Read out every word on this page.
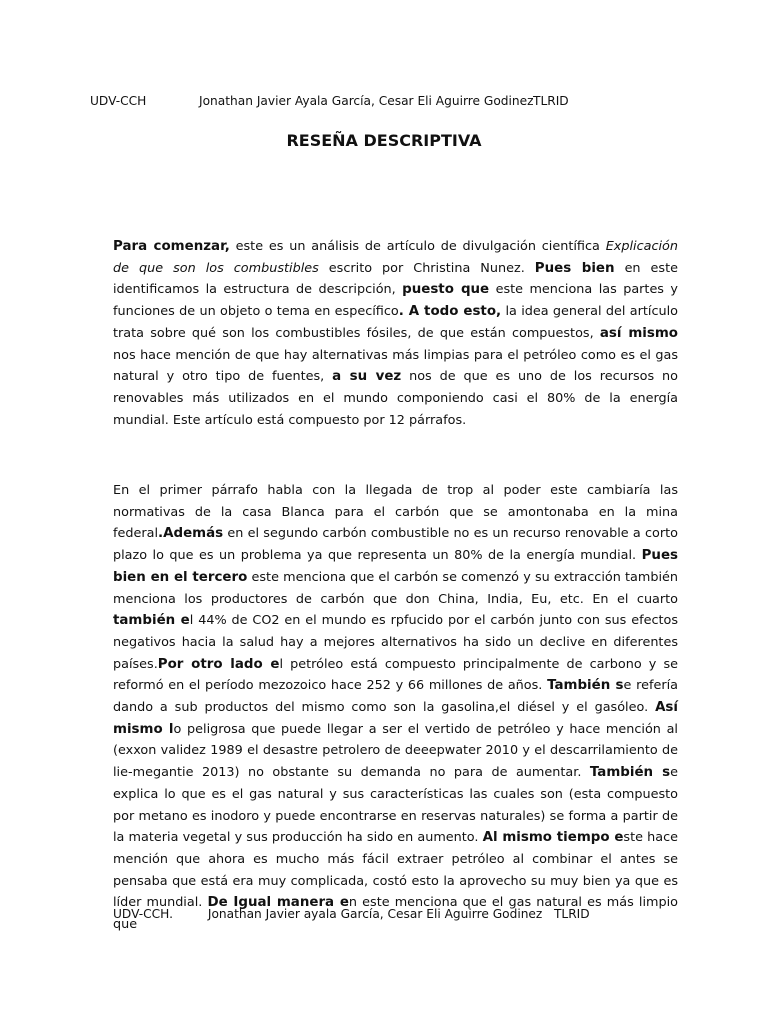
UDV-CCH	Jonathan Javier Ayala García, Cesar Eli Aguirre Godinez TLRID
RESEÑA DESCRIPTIVA

Para comenzar, este es un análisis de artículo de divulgación científica Explicación de que son los combustibles escrito por Christina Nunez. Pues bien en este identificamos la estructura de descripción, puesto que este menciona las partes y funciones de un objeto o tema en específico. A todo esto, la idea general del artículo trata sobre qué son los combustibles fósiles, de que están compuestos, así mismo nos hace mención de que hay alternativas más limpias para el petróleo como es el gas natural y otro tipo de fuentes, a su vez nos de que es uno de los recursos no renovables más utilizados en el mundo componiendo casi el 80% de la energía mundial. Este artículo está compuesto por 12 párrafos.

En el primer párrafo habla con la llegada de trop al poder este cambiaría las normativas de la casa Blanca para el carbón que se amontonaba en la mina federal.Además en el segundo carbón combustible no es un recurso renovable a corto plazo lo que es un problema ya que representa un 80% de la energía mundial. Pues bien en el tercero este menciona que el carbón se comenzó y su extracción también menciona los productores de carbón que don China, India, Eu, etc. En el cuarto también el 44% de CO2 en el mundo es rpfucido por el carbón junto con sus efectos negativos hacia la salud hay a mejores alternativos ha sido un declive en diferentes países.Por otro lado el petróleo está compuesto principalmente de carbono y se reformó en el período mezozoico hace 252 y 66 millones de años. También se refería dando a sub productos del mismo como son la gasolina,el diésel y el gasóleo. Así mismo lo peligrosa que puede llegar a ser el vertido de petróleo y hace mención al (exxon validez 1989 el desastre petrolero de deeepwater 2010 y el descarrilamiento de lie-megantie 2013) no obstante su demanda no para de aumentar. También se explica lo que es el gas natural y sus características las cuales son (esta compuesto por metano es inodoro y puede encontrarse en reservas naturales) se forma a partir de la materia vegetal y sus producción ha sido en aumento. Al mismo tiempo este hace mención que ahora es mucho más fácil extraer petróleo al combinar el antes se pensaba que está era muy complicada, costó esto la aprovecho su muy bien ya que es líder mundial. De Igual manera en este menciona que el gas natural es más limpio que

UDV-CCH.	Jonathan Javier ayala García, Cesar Eli Aguirre Godinez TLRID
